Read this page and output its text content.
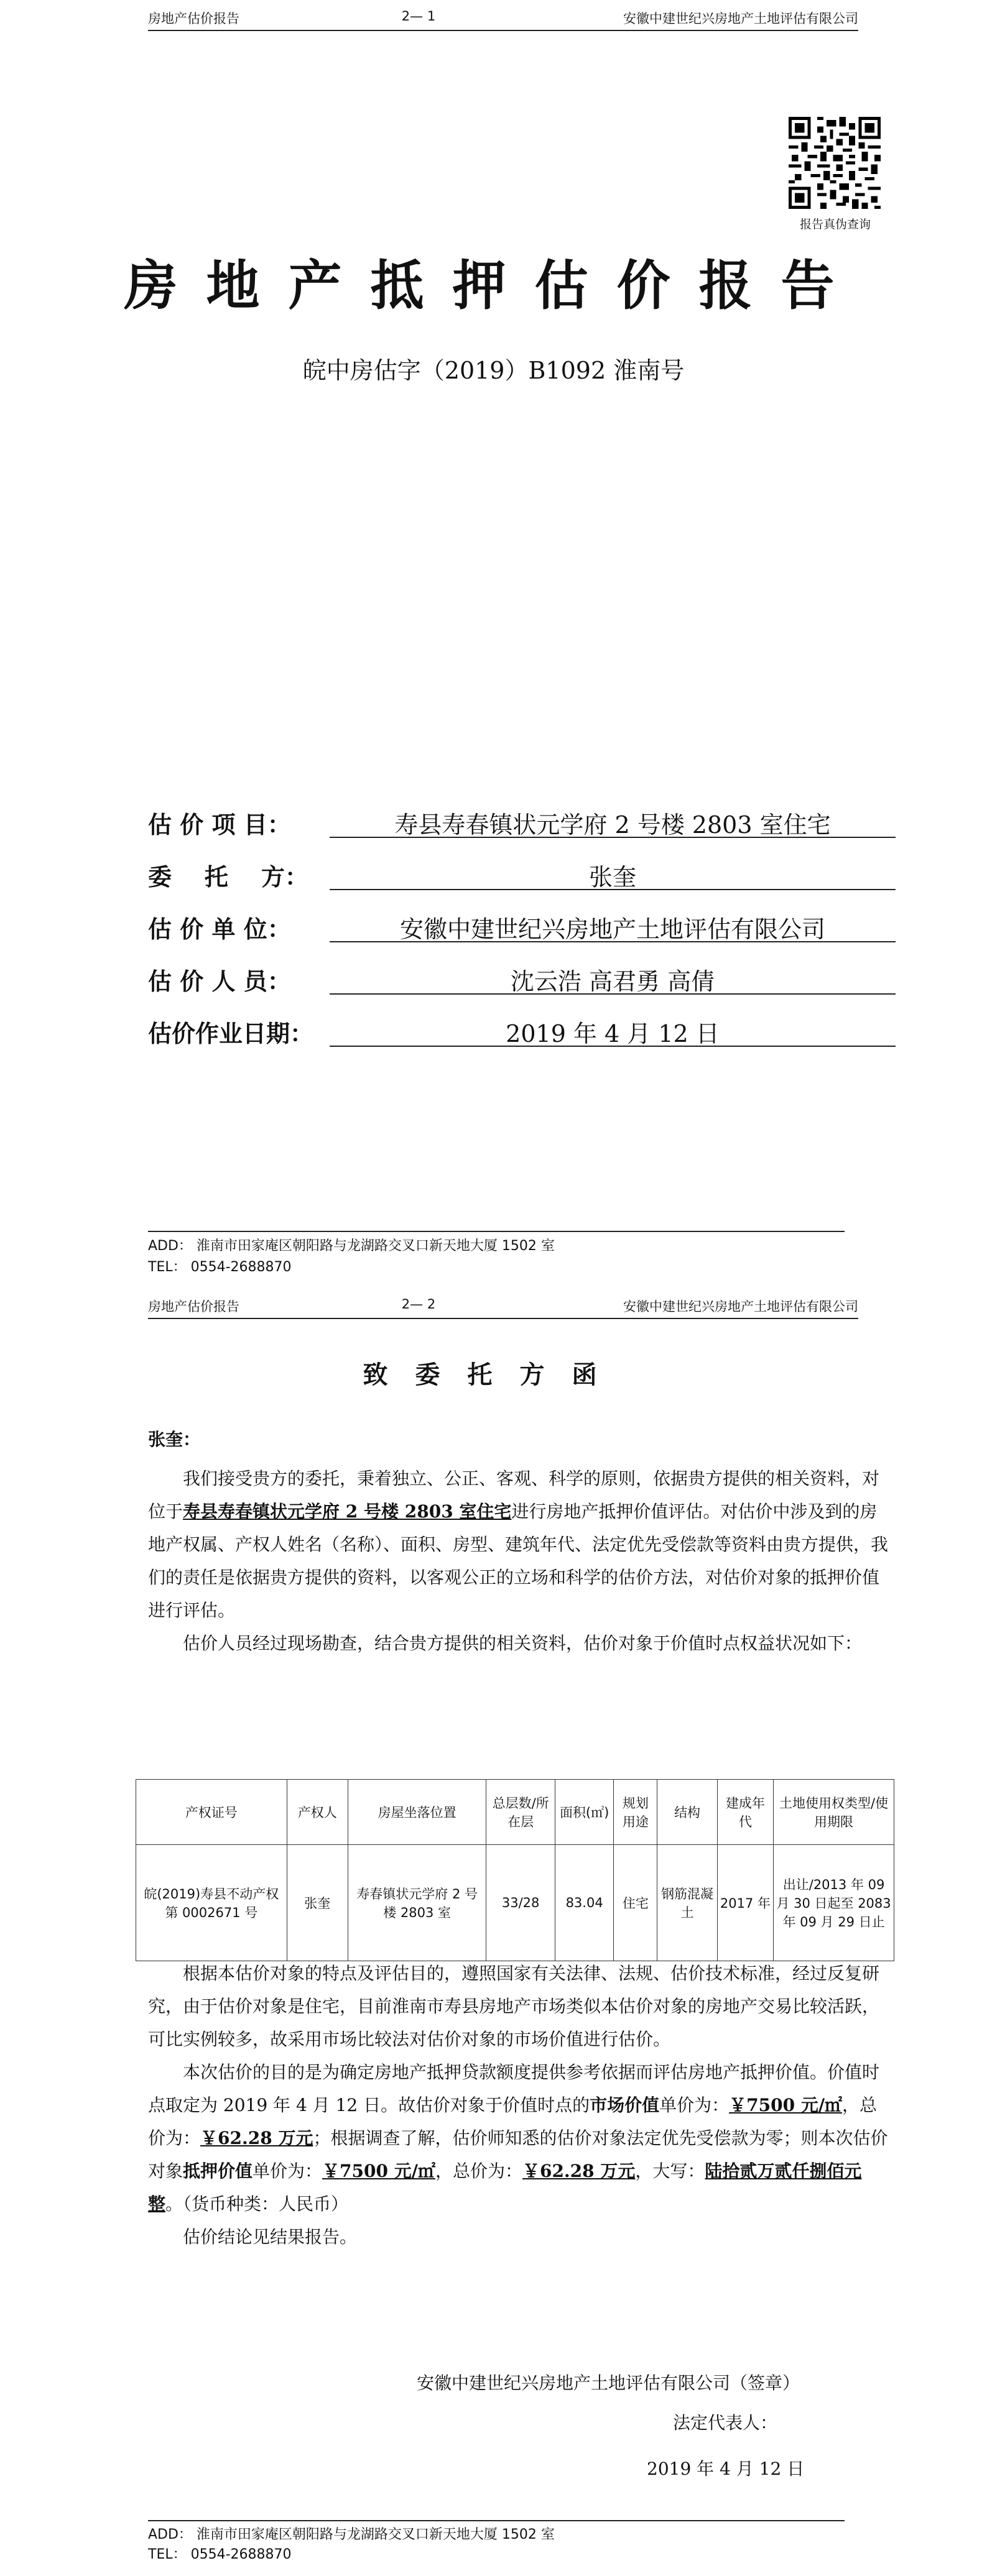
房地产估价报告	2— 1	安徽中建世纪兴房地产土地评估有限公司
报告真伪查询
房地产抵押估价报告
皖中房估字（2019）B1092 淮南号
估 价 项 目：	寿县寿春镇状元学府 2 号楼 2803 室住宅
委    托    方：	张奎
估 价 单 位：	安徽中建世纪兴房地产土地评估有限公司
估 价 人 员：	沈云浩 高君勇 高倩
估价作业日期：	2019 年 4 月 12 日
ADD： 淮南市田家庵区朝阳路与龙湖路交叉口新天地大厦 1502 室
TEL： 0554-2688870
房地产估价报告	2— 2	安徽中建世纪兴房地产土地评估有限公司
致委托方函
张奎：

我们接受贵方的委托，秉着独立、公正、客观、科学的原则，依据贵方提供的相关资料，对位于寿县寿春镇状元学府 2 号楼 2803 室住宅进行房地产抵押价值评估。对估价中涉及到的房地产权属、产权人姓名（名称）、面积、房型、建筑年代、法定优先受偿款等资料由贵方提供，我们的责任是依据贵方提供的资料，以客观公正的立场和科学的估价方法，对估价对象的抵押价值进行评估。

估价人员经过现场勘查，结合贵方提供的相关资料，估价对象于价值时点权益状况如下：

产权证号	产权人	房屋坐落位置	总层数/所在层	面积(㎡)	规划用途	结构	建成年代	土地使用权类型/使用期限
皖(2019)寿县不动产权第 0002671 号	张奎	寿春镇状元学府 2 号楼 2803 室	33/28	83.04	住宅	钢筋混凝土	2017 年	出让/2013 年 09 月 30 日起至 2083 年 09 月 29 日止

根据本估价对象的特点及评估目的，遵照国家有关法律、法规、估价技术标准，经过反复研究，由于估价对象是住宅，目前淮南市寿县房地产市场类似本估价对象的房地产交易比较活跃，可比实例较多，故采用市场比较法对估价对象的市场价值进行估价。

本次估价的目的是为确定房地产抵押贷款额度提供参考依据而评估房地产抵押价值。价值时点取定为 2019 年 4 月 12 日。故估价对象于价值时点的市场价值单价为：￥7500 元/㎡，总价为：￥62.28 万元；根据调查了解，估价师知悉的估价对象法定优先受偿款为零；则本次估价对象抵押价值单价为：￥7500 元/㎡，总价为：￥62.28 万元，大写：陆拾贰万贰仟捌佰元整。（货币种类：人民币）

估价结论见结果报告。

安徽中建世纪兴房地产土地评估有限公司（签章）
法定代表人：
2019 年 4 月 12 日
ADD： 淮南市田家庵区朝阳路与龙湖路交叉口新天地大厦 1502 室
TEL： 0554-2688870
